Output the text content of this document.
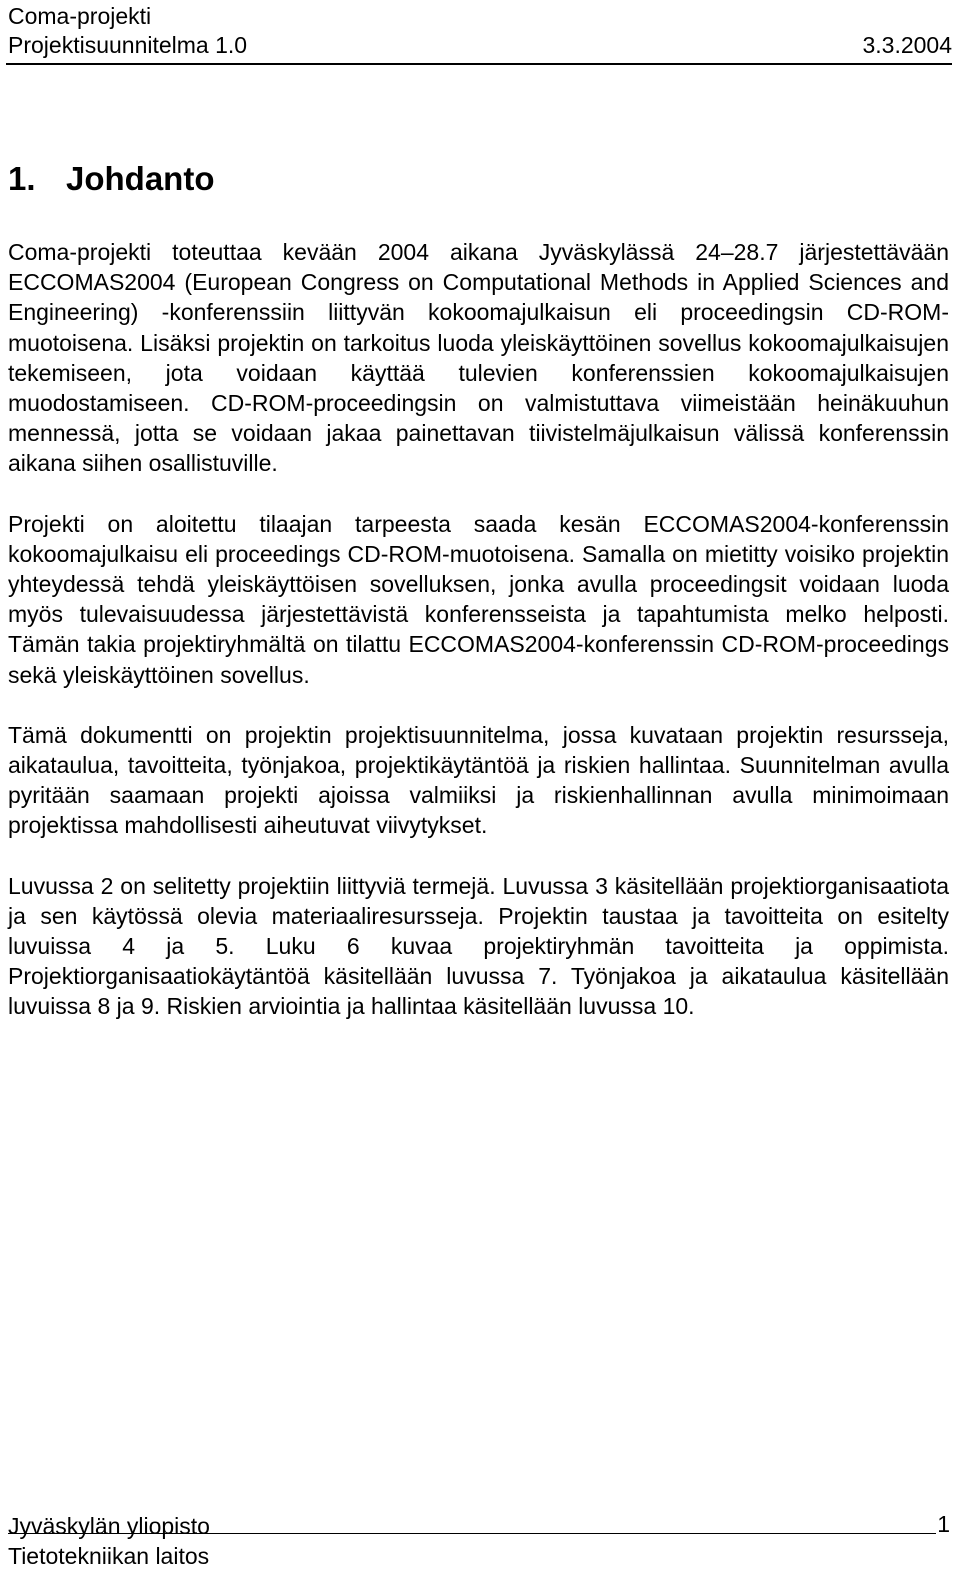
Coma-projekti
Projektisuunnitelma 1.0	3.3.2004
1. Johdanto

Coma-projekti toteuttaa kevään 2004 aikana Jyväskylässä 24–28.7 järjestettävään ECCOMAS2004 (European Congress on Computational Methods in Applied Sciences and Engineering) -konferenssiin liittyvän kokoomajulkaisun eli proceedingsin CD-ROM-muotoisena. Lisäksi projektin on tarkoitus luoda yleiskäyttöinen sovellus kokoomajulkaisujen tekemiseen, jota voidaan käyttää tulevien konferenssien kokoomajulkaisujen muodostamiseen. CD-ROM-proceedingsin on valmistuttava viimeistään heinäkuuhun mennessä, jotta se voidaan jakaa painettavan tiivistelmäjulkaisun välissä konferenssin aikana siihen osallistuville.

Projekti on aloitettu tilaajan tarpeesta saada kesän ECCOMAS2004-konferenssin kokoomajulkaisu eli proceedings CD-ROM-muotoisena. Samalla on mietitty voisiko projektin yhteydessä tehdä yleiskäyttöisen sovelluksen, jonka avulla proceedingsit voidaan luoda myös tulevaisuudessa järjestettävistä konferensseista ja tapahtumista melko helposti. Tämän takia projektiryhmältä on tilattu ECCOMAS2004-konferenssin CD-ROM-proceedings sekä yleiskäyttöinen sovellus.

Tämä dokumentti on projektin projektisuunnitelma, jossa kuvataan projektin resursseja, aikataulua, tavoitteita, työnjakoa, projektikäytäntöä ja riskien hallintaa. Suunnitelman avulla pyritään saamaan projekti ajoissa valmiiksi ja riskienhallinnan avulla minimoimaan projektissa mahdollisesti aiheutuvat viivytykset.

Luvussa 2 on selitetty projektiin liittyviä termejä. Luvussa 3 käsitellään projektiorganisaatiota ja sen käytössä olevia materiaaliresursseja. Projektin taustaa ja tavoitteita on esitelty luvuissa 4 ja 5. Luku 6 kuvaa projektiryhmän tavoitteita ja oppimista. Projektiorganisaatiokäytäntöä käsitellään luvussa 7. Työnjakoa ja aikataulua käsitellään luvuissa 8 ja 9. Riskien arviointia ja hallintaa käsitellään luvussa 10.

1
Jyväskylän yliopisto
Tietotekniikan laitos
